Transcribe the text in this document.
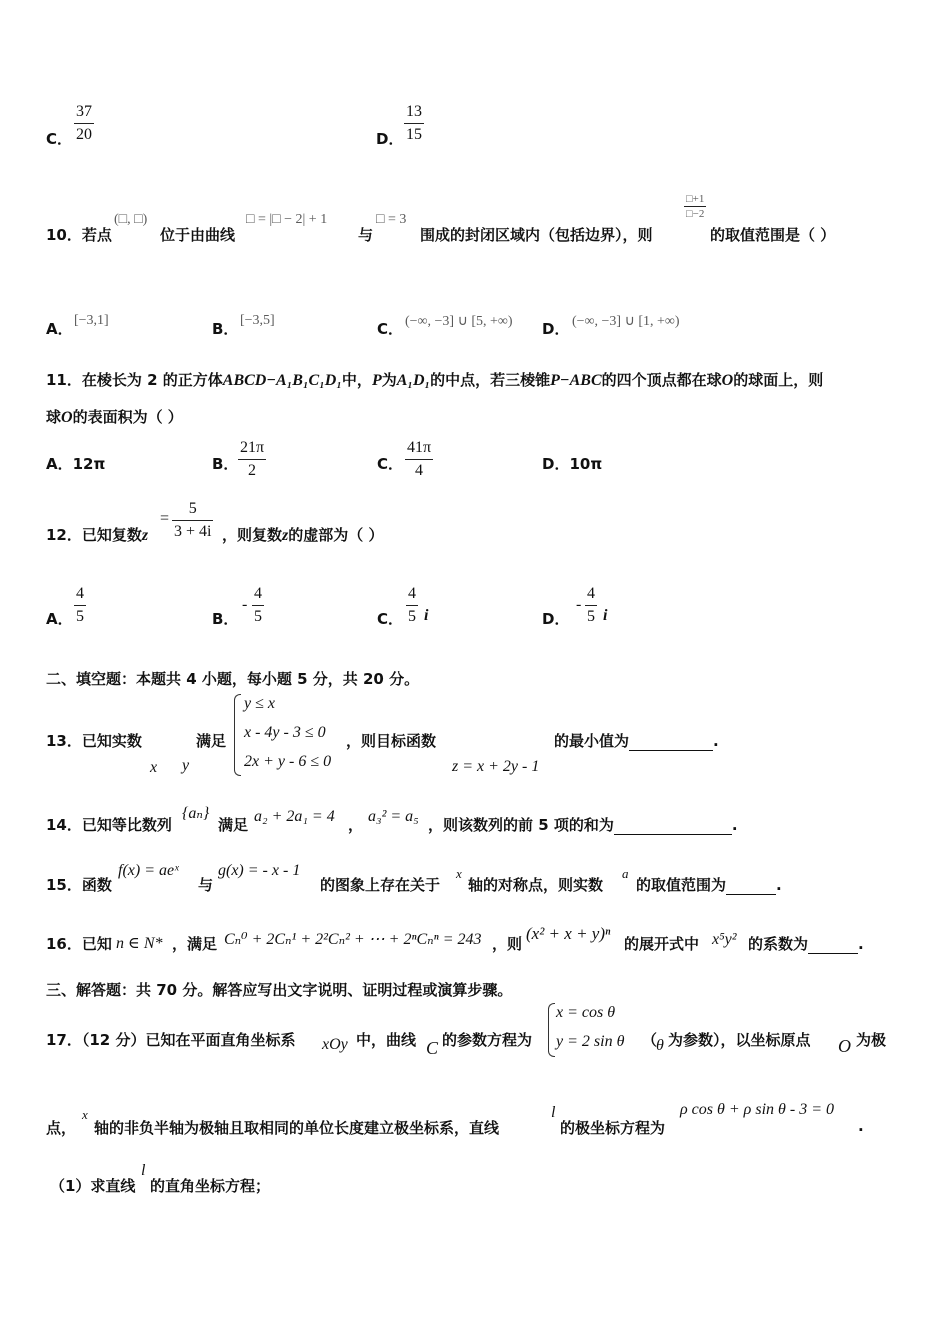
C．
37
20	D．
13
15
10．若点
(□, □)
位于由曲线
□ = |□ − 2| + 1
与
□ = 3
围成的封闭区域内（包括边界），则
□+1
□−2
的取值范围是（ ）
A． [−3,1]	B． [−3,5]	C． (−∞, −3] ∪ [5, +∞) D． (−∞, −3] ∪ [1, +∞)
11．在棱长为 2 的正方体ABCD−A₁B₁C₁D₁中，P为A₁D₁的中点，若三棱锥P−ABC的四个顶点都在球O的球面上，则
球O的表面积为（ ）
A．12π	B．
21π
2	C．
41π
4	D．10π
12．已知复数z
=
5
3 + 4i ，则复数z的虚部为（ ）
A．
4
5	B．
-
4
5	C．
4
5 i	D．
-
4
5 i
二、填空题：本题共 4 小题，每小题 5 分，共 20 分。
13．已知实数	满足
x y
y ≤ x
x - 4y - 3 ≤ 0
2x + y - 6 ≤ 0
，则目标函数
z = x + 2y - 1
的最小值为	.
14．已知等比数列
{aₙ}
满足 a₂ + 2a₁ = 4 ， a₃² = a₅ ，则该数列的前 5 项的和为	.
15．函数
f(x) = aeˣ
与
g(x) = - x - 1
的图象上存在关于
x
轴的对称点，则实数
a
的取值范围为	.
16．已知 n ∈ N* ，满足 Cₙ⁰ + 2Cₙ¹ + 2²Cₙ² + ⋯ + 2ⁿCₙⁿ = 243 ，则
(x² + x + y)ⁿ
的展开式中 x⁵y² 的系数为	.
三、解答题：共 70 分。解答应写出文字说明、证明过程或演算步骤。
17．（12 分）已知在平面直角坐标系 xOy 中，曲线 C 的参数方程为
x = cos θ
y = 2 sin θ （
θ 为参数），以坐标原点 O 为极
点，
x
轴的非负半轴为极轴且取相同的单位长度建立极坐标系，直线
l
的极坐标方程为
ρ cos θ + ρ sin θ - 3 = 0
.
（1）求直线
l
的直角坐标方程；
